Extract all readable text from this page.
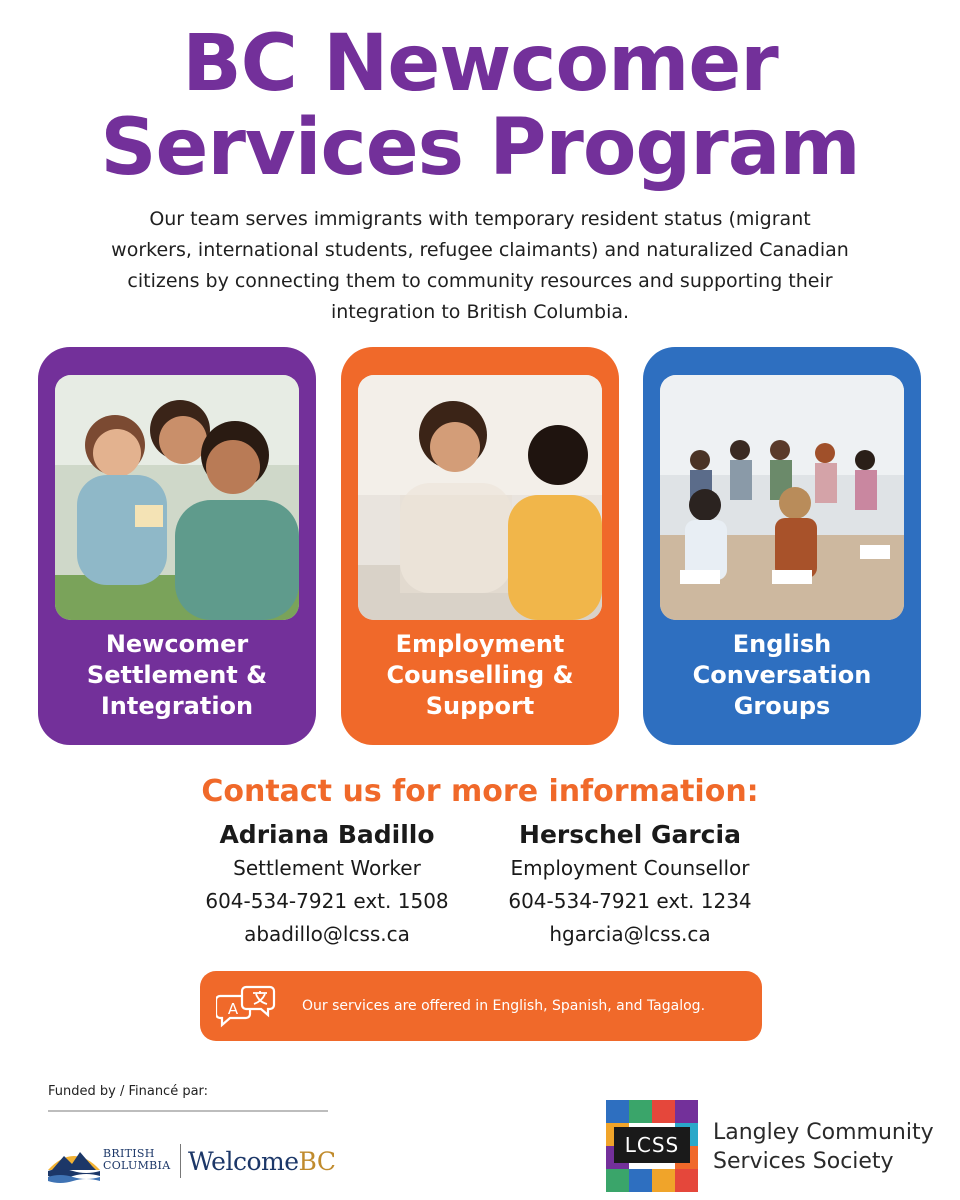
BC Newcomer
Services Program

Our team serves immigrants with temporary resident status (migrant workers, international students, refugee claimants) and naturalized Canadian citizens by connecting them to community resources and supporting their integration to British Columbia.

Newcomer
Settlement &
Integration
Employment
Counselling &
Support
English
Conversation
Groups
Contact us for more information:
Adriana Badillo
Settlement Worker
604-534-7921 ext. 1508
abadillo@lcss.ca
Herschel Garcia
Employment Counsellor
604-534-7921 ext. 1234
hgarcia@lcss.ca
A	Our services are offered in English, Spanish, and Tagalog.
Funded by / Financé par:
BRITISH
COLUMBIA WelcomeBC
LCSS	Langley Community
Services Society
